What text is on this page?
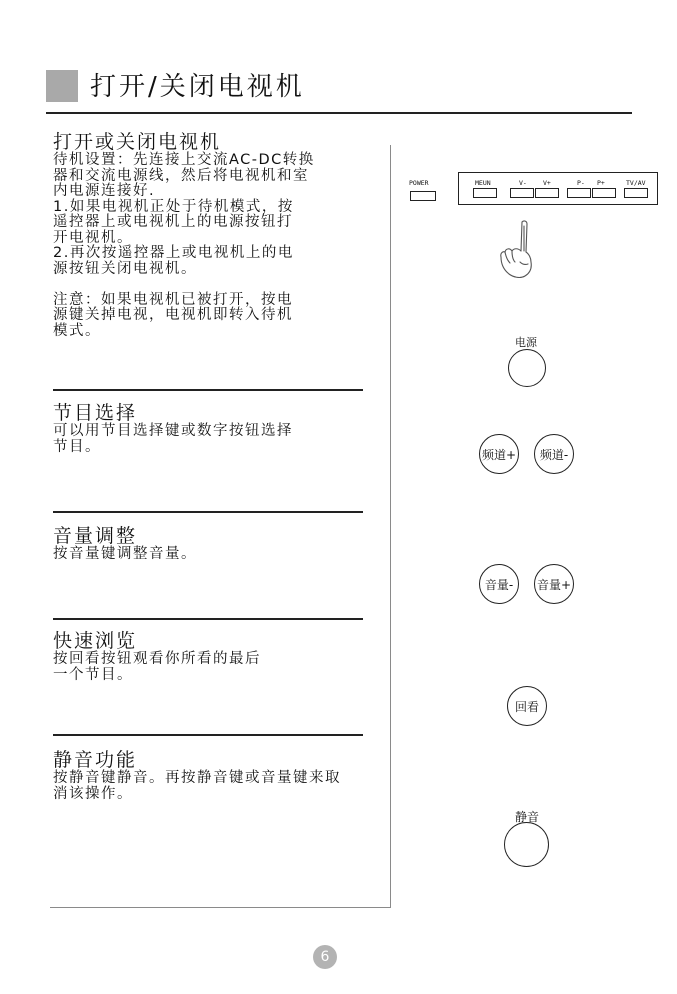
打开/关闭电视机
打开或关闭电视机
待机设置：先连接上交流AC-DC转换
器和交流电源线，然后将电视机和室
内电源连接好.
1.如果电视机正处于待机模式，按
遥控器上或电视机上的电源按钮打
开电视机。
2.再次按遥控器上或电视机上的电
源按钮关闭电视机。

注意：如果电视机已被打开，按电
源键关掉电视，电视机即转入待机
模式。
节目选择
可以用节目选择键或数字按钮选择
节目。
音量调整
按音量键调整音量。
快速浏览
按回看按钮观看你所看的最后
一个节目。
静音功能
按静音键静音。再按静音键或音量键来取
消该操作。
POWER	MEUN	V- V+	P- P+	TV/AV
电源
频道+ 频道-
音量- 音量+
回看
静音
6
